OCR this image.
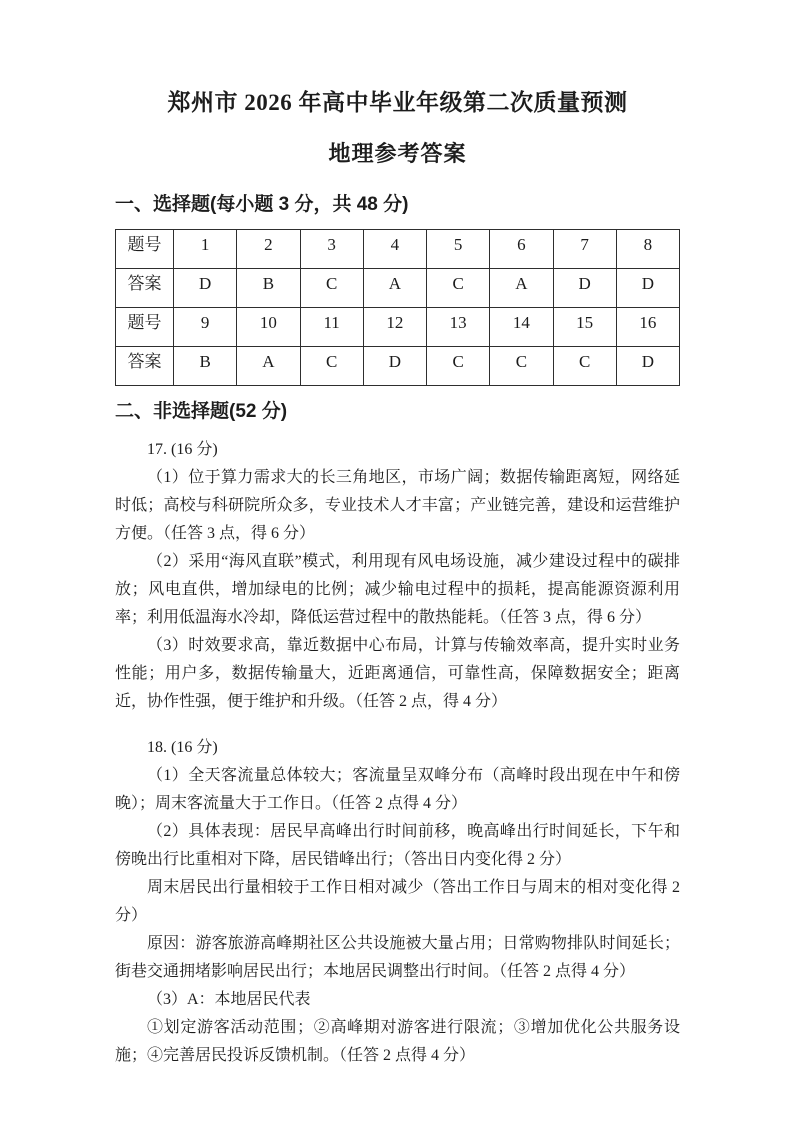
郑州市 2026 年高中毕业年级第二次质量预测
地理参考答案
一、选择题(每小题 3 分，共 48 分)
题号	1	2	3	4	5	6	7	8
答案	D	B	C	A	C	A	D	D
题号	9	10	11	12	13	14	15	16
答案	B	A	C	D	C	C	C	D
二、非选择题(52 分)

17. (16 分)

（1）位于算力需求大的长三角地区，市场广阔；数据传输距离短，网络延时低；高校与科研院所众多，专业技术人才丰富；产业链完善，建设和运营维护方便。（任答 3 点，得 6 分）

（2）采用“海风直联”模式，利用现有风电场设施，减少建设过程中的碳排放；风电直供，增加绿电的比例；减少输电过程中的损耗，提高能源资源利用率；利用低温海水冷却，降低运营过程中的散热能耗。（任答 3 点，得 6 分）

（3）时效要求高，靠近数据中心布局，计算与传输效率高，提升实时业务性能；用户多，数据传输量大，近距离通信，可靠性高，保障数据安全；距离近，协作性强，便于维护和升级。（任答 2 点，得 4 分）

18. (16 分)

（1）全天客流量总体较大；客流量呈双峰分布（高峰时段出现在中午和傍晚）；周末客流量大于工作日。（任答 2 点得 4 分）

（2）具体表现：居民早高峰出行时间前移，晚高峰出行时间延长，下午和傍晚出行比重相对下降，居民错峰出行；（答出日内变化得 2 分）

周末居民出行量相较于工作日相对减少（答出工作日与周末的相对变化得 2 分）

原因：游客旅游高峰期社区公共设施被大量占用；日常购物排队时间延长；街巷交通拥堵影响居民出行；本地居民调整出行时间。（任答 2 点得 4 分）

（3）A：本地居民代表

①划定游客活动范围；②高峰期对游客进行限流；③增加优化公共服务设施；④完善居民投诉反馈机制。（任答 2 点得 4 分）
